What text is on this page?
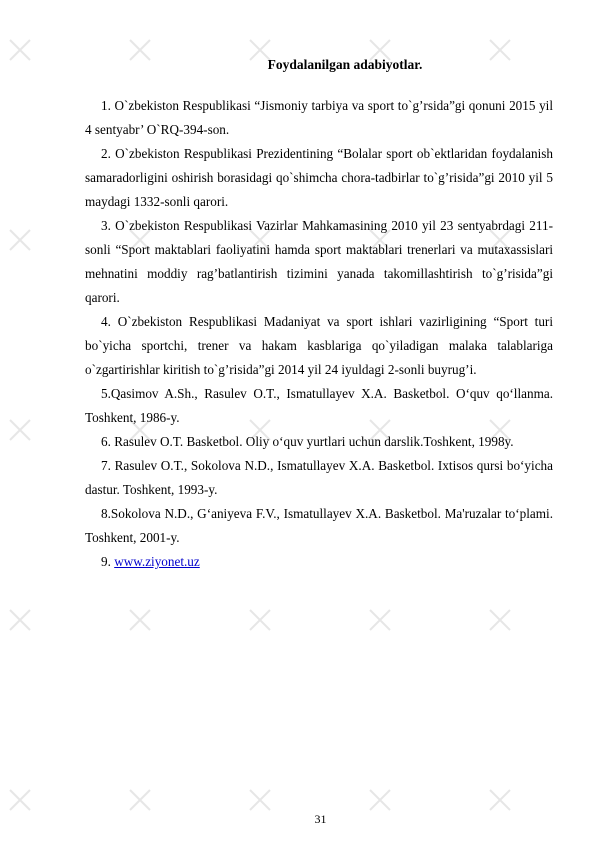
Foydalanilgan adabiyotlar.

1. O`zbekiston Respublikasi “Jismoniy tarbiya va sport to`g’rsida”gi qonuni 2015 yil 4 sentyabr’ O`RQ-394-son.

2. O`zbekiston Respublikasi Prezidentining “Bolalar sport ob`ektlaridan foydalanish samaradorligini oshirish borasidagi qo`shimcha chora-tadbirlar to`g’risida”gi 2010 yil 5 maydagi 1332-sonli qarori.

3. O`zbekiston Respublikasi Vazirlar Mahkamasining 2010 yil 23 sentyabrdagi 211-sonli “Sport maktablari faoliyatini hamda sport maktablari trenerlari va mutaxassislari mehnatini moddiy rag’batlantirish tizimini yanada takomillashtirish to`g’risida”gi qarori.

4. O`zbekiston Respublikasi Madaniyat va sport ishlari vazirligining “Sport turi bo`yicha sportchi, trener va hakam kasblariga qo`yiladigan malaka talablariga o`zgartirishlar kiritish to`g’risida”gi 2014 yil 24 iyuldagi 2-sonli buyrug’i.

5.Qasimov A.Sh., Rasulev O.T., Ismatullayev X.A. Basketbol. O‘quv qo‘llanma. Toshkent, 1986-y.

6. Rasulev O.T. Basketbol. Oliy o‘quv yurtlari uchun darslik.Toshkent, 1998y.

7. Rasulev O.T., Sokolova N.D., Ismatullayev X.A. Basketbol. Ixtisos qursi bo‘yicha dastur. Toshkent, 1993-y.

8.Sokolova N.D., G‘aniyeva F.V., Ismatullayev X.A. Basketbol. Ma'ruzalar to‘plami. Toshkent, 2001-y.

9. www.ziyonet.uz

31
